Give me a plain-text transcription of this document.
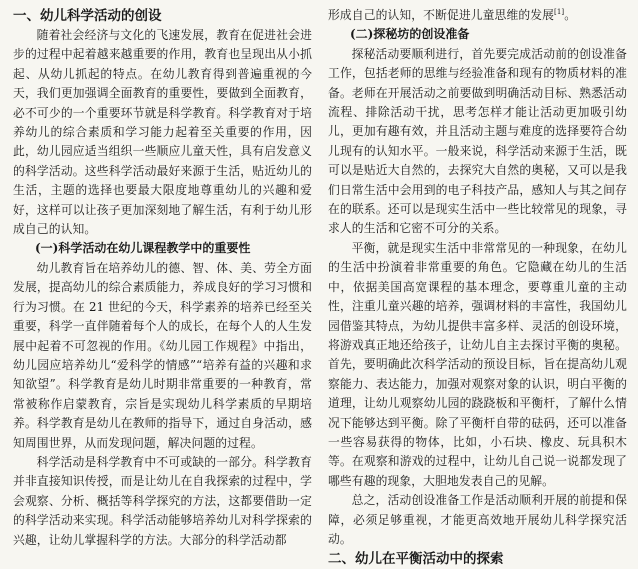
一、幼儿科学活动的创设

随着社会经济与文化的飞速发展，教育在促进社会进步的过程中起着越来越重要的作用，教育也呈现出从小抓起、从幼儿抓起的特点。在幼儿教育得到普遍重视的今天，我们更加强调全面教育的重要性，要做到全面教育，必不可少的一个重要环节就是科学教育。科学教育对于培养幼儿的综合素质和学习能力起着至关重要的作用，因此，幼儿园应适当组织一些顺应儿童天性，具有启发意义的科学活动。这些科学活动最好来源于生活，贴近幼儿的生活，主题的选择也要最大限度地尊重幼儿的兴趣和爱好，这样可以让孩子更加深刻地了解生活，有利于幼儿形成自己的认知。

(一)科学活动在幼儿课程教学中的重要性

幼儿教育旨在培养幼儿的德、智、体、美、劳全方面发展，提高幼儿的综合素质能力，养成良好的学习习惯和行为习惯。在 21 世纪的今天，科学素养的培养已经至关重要，科学一直伴随着每个人的成长，在每个人的人生发展中起着不可忽视的作用。《幼儿园工作规程》中指出，幼儿园应培养幼儿“爱科学的情感”“培养有益的兴趣和求知欲望”。科学教育是幼儿时期非常重要的一种教育，常常被称作启蒙教育，宗旨是实现幼儿科学素质的早期培养。科学教育是幼儿在教师的指导下，通过自身活动，感知周围世界，从而发现问题，解决问题的过程。

科学活动是科学教育中不可或缺的一部分。科学教育并非直接知识传授，而是让幼儿在自我探索的过程中，学会观察、分析、概括等科学探究的方法，这都要借助一定的科学活动来实现。科学活动能够培养幼儿对科学探索的兴趣，让幼儿掌握科学的方法。大部分的科学活动都

形成自己的认知，不断促进儿童思维的发展[1]。

(二)探秘坊的创设准备

探秘活动要顺利进行，首先要完成活动前的创设准备工作，包括老师的思维与经验准备和现有的物质材料的准备。老师在开展活动之前要做到明确活动目标、熟悉活动流程、排除活动干扰，思考怎样才能让活动更加吸引幼儿，更加有趣有效，并且活动主题与难度的选择要符合幼儿现有的认知水平。一般来说，科学活动来源于生活，既可以是贴近大自然的，去探究大自然的奥秘，又可以是我们日常生活中会用到的电子科技产品，感知人与其之间存在的联系。还可以是现实生活中一些比较常见的现象，寻求人的生活和它密不可分的关系。

平衡，就是现实生活中非常常见的一种现象，在幼儿的生活中扮演着非常重要的角色。它隐藏在幼儿的生活中，依据美国高宽课程的基本理念，要尊重儿童的主动性，注重儿童兴趣的培养，强调材料的丰富性，我国幼儿园借鉴其特点，为幼儿提供丰富多样、灵活的创设环境，将游戏真正地还给孩子，让幼儿自主去探讨平衡的奥秘。首先，要明确此次科学活动的预设目标，旨在提高幼儿观察能力、表达能力，加强对观察对象的认识，明白平衡的道理，让幼儿观察幼儿园的跷跷板和平衡杆，了解什么情况下能够达到平衡。除了平衡杆自带的砝码，还可以准备一些容易获得的物体，比如，小石块、橡皮、玩具积木等。在观察和游戏的过程中，让幼儿自己说一说都发现了哪些有趣的现象，大胆地发表自己的见解。

总之，活动创设准备工作是活动顺利开展的前提和保障，必须足够重视，才能更高效地开展幼儿科学探究活动。

二、幼儿在平衡活动中的探索
